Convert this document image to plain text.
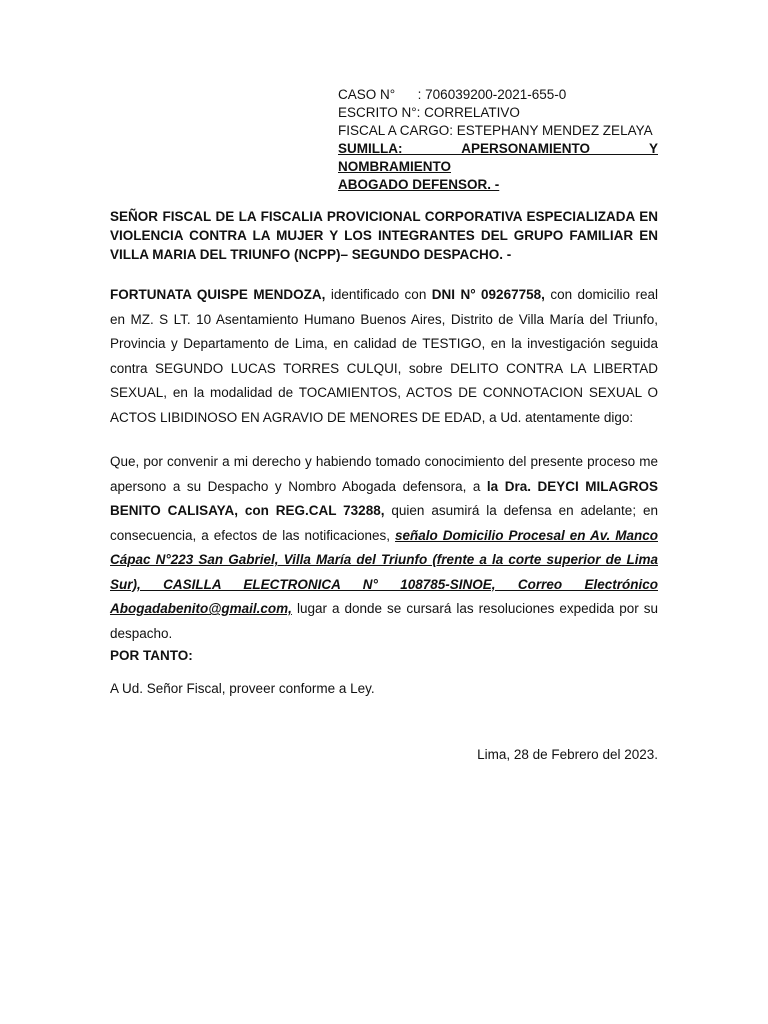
CASO N°      : 706039200-2021-655-0
ESCRITO N°: CORRELATIVO
FISCAL A CARGO: ESTEPHANY MENDEZ ZELAYA
SUMILLA: APERSONAMIENTO Y NOMBRAMIENTO
ABOGADO DEFENSOR. -
SEÑOR FISCAL DE LA FISCALIA PROVICIONAL CORPORATIVA ESPECIALIZADA EN VIOLENCIA CONTRA LA MUJER Y LOS INTEGRANTES DEL GRUPO FAMILIAR EN VILLA MARIA DEL TRIUNFO (NCPP)– SEGUNDO DESPACHO. -
FORTUNATA QUISPE MENDOZA, identificado con DNI N° 09267758, con domicilio real en MZ. S LT. 10 Asentamiento Humano Buenos Aires, Distrito de Villa María del Triunfo, Provincia y Departamento de Lima, en calidad de TESTIGO, en la investigación seguida contra SEGUNDO LUCAS TORRES CULQUI, sobre DELITO CONTRA LA LIBERTAD SEXUAL, en la modalidad de TOCAMIENTOS, ACTOS DE CONNOTACION SEXUAL O ACTOS LIBIDINOSO EN AGRAVIO DE MENORES DE EDAD, a Ud. atentamente digo:
Que, por convenir a mi derecho y habiendo tomado conocimiento del presente proceso me apersono a su Despacho y Nombro Abogada defensora, a la Dra. DEYCI MILAGROS BENITO CALISAYA, con REG.CAL 73288, quien asumirá la defensa en adelante; en consecuencia, a efectos de las notificaciones, señalo Domicilio Procesal en Av. Manco Cápac N°223 San Gabriel, Villa María del Triunfo (frente a la corte superior de Lima Sur), CASILLA ELECTRONICA N° 108785-SINOE, Correo Electrónico Abogadabenito@gmail.com, lugar a donde se cursará las resoluciones expedida por su despacho.
POR TANTO:
A Ud. Señor Fiscal, proveer conforme a Ley.
Lima, 28 de Febrero del 2023.
